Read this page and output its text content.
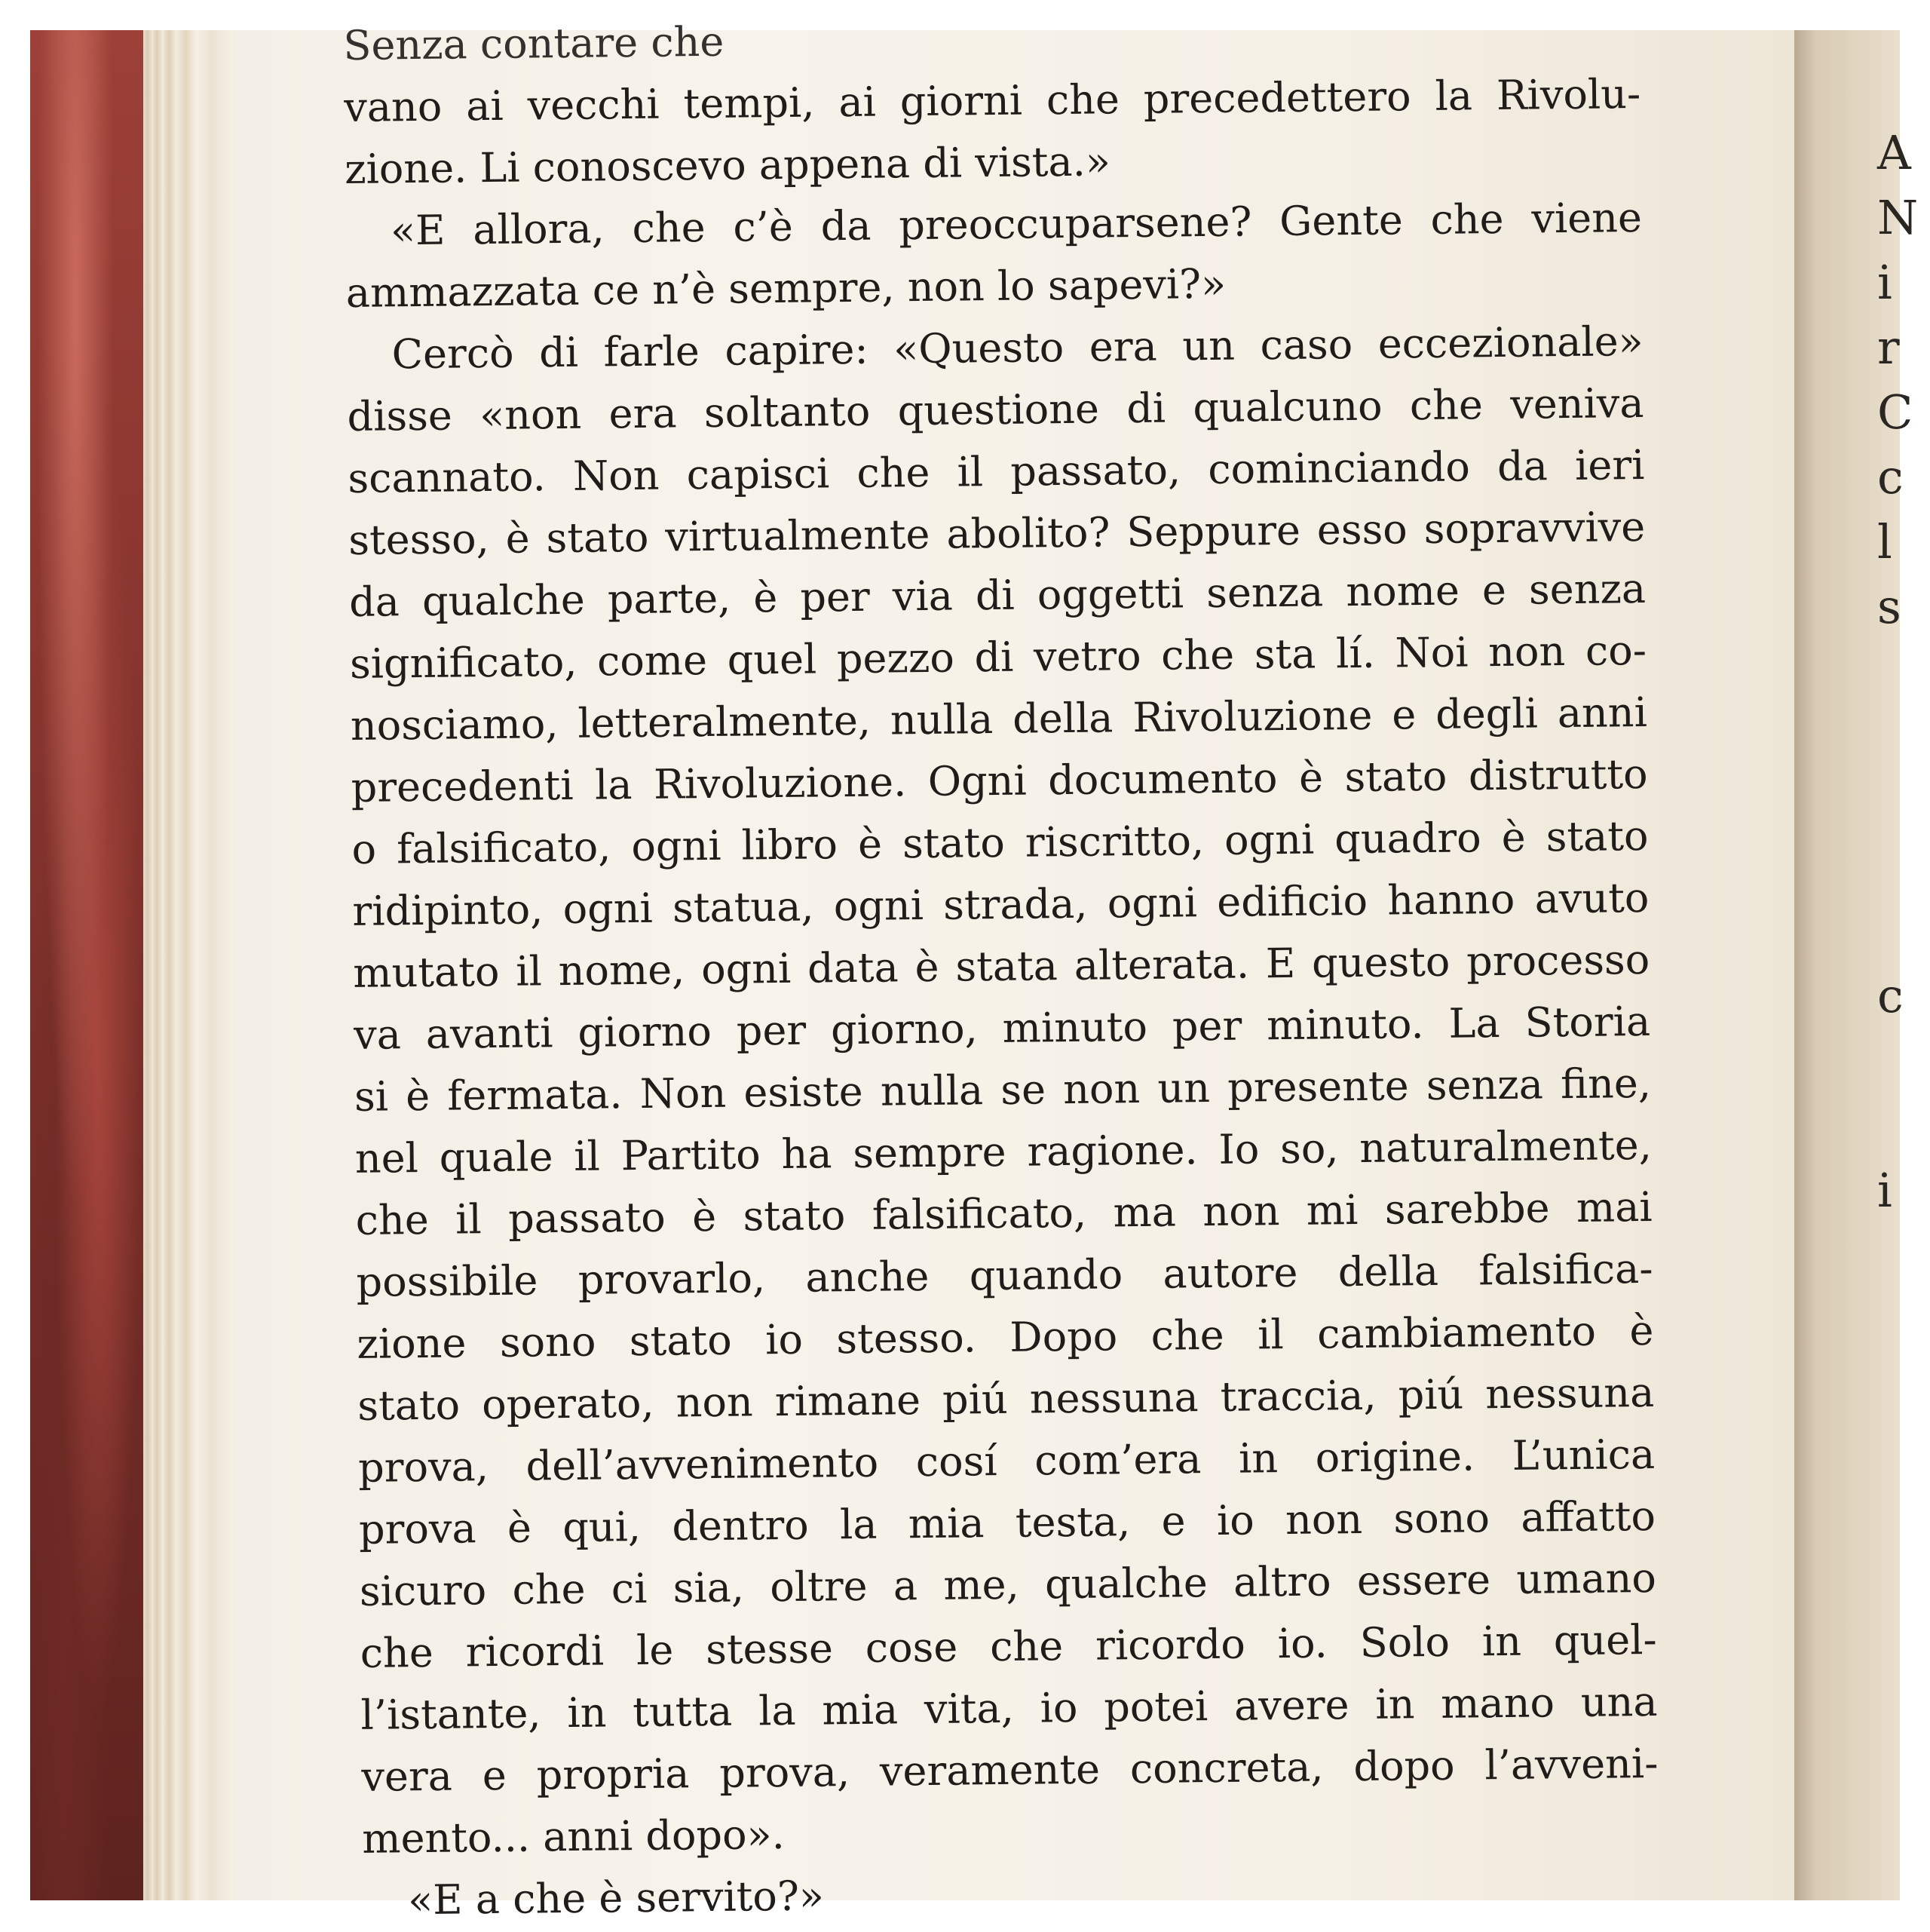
A
N
i
r
C
c
l
s

c

i
Senza contare che
vano ai vecchi tempi, ai giorni che precedettero la Rivolu-
zione. Li conoscevo appena di vista.»
«E allora, che c’è da preoccuparsene? Gente che viene
ammazzata ce n’è sempre, non lo sapevi?»
Cercò di farle capire: «Questo era un caso eccezionale»
disse «non era soltanto questione di qualcuno che veniva
scannato. Non capisci che il passato, cominciando da ieri
stesso, è stato virtualmente abolito? Seppure esso sopravvive
da qualche parte, è per via di oggetti senza nome e senza
significato, come quel pezzo di vetro che sta lí. Noi non co-
nosciamo, letteralmente, nulla della Rivoluzione e degli anni
precedenti la Rivoluzione. Ogni documento è stato distrutto
o falsificato, ogni libro è stato riscritto, ogni quadro è stato
ridipinto, ogni statua, ogni strada, ogni edificio hanno avuto
mutato il nome, ogni data è stata alterata. E questo processo
va avanti giorno per giorno, minuto per minuto. La Storia
si è fermata. Non esiste nulla se non un presente senza fine,
nel quale il Partito ha sempre ragione. Io so, naturalmente,
che il passato è stato falsificato, ma non mi sarebbe mai
possibile provarlo, anche quando autore della falsifica-
zione sono stato io stesso. Dopo che il cambiamento è
stato operato, non rimane piú nessuna traccia, piú nessuna
prova, dell’avvenimento cosí com’era in origine. L’unica
prova è qui, dentro la mia testa, e io non sono affatto
sicuro che ci sia, oltre a me, qualche altro essere umano
che ricordi le stesse cose che ricordo io. Solo in quel-
l’istante, in tutta la mia vita, io potei avere in mano una
vera e propria prova, veramente concreta, dopo l’avveni-
mento... anni dopo».
«E a che è servito?»
